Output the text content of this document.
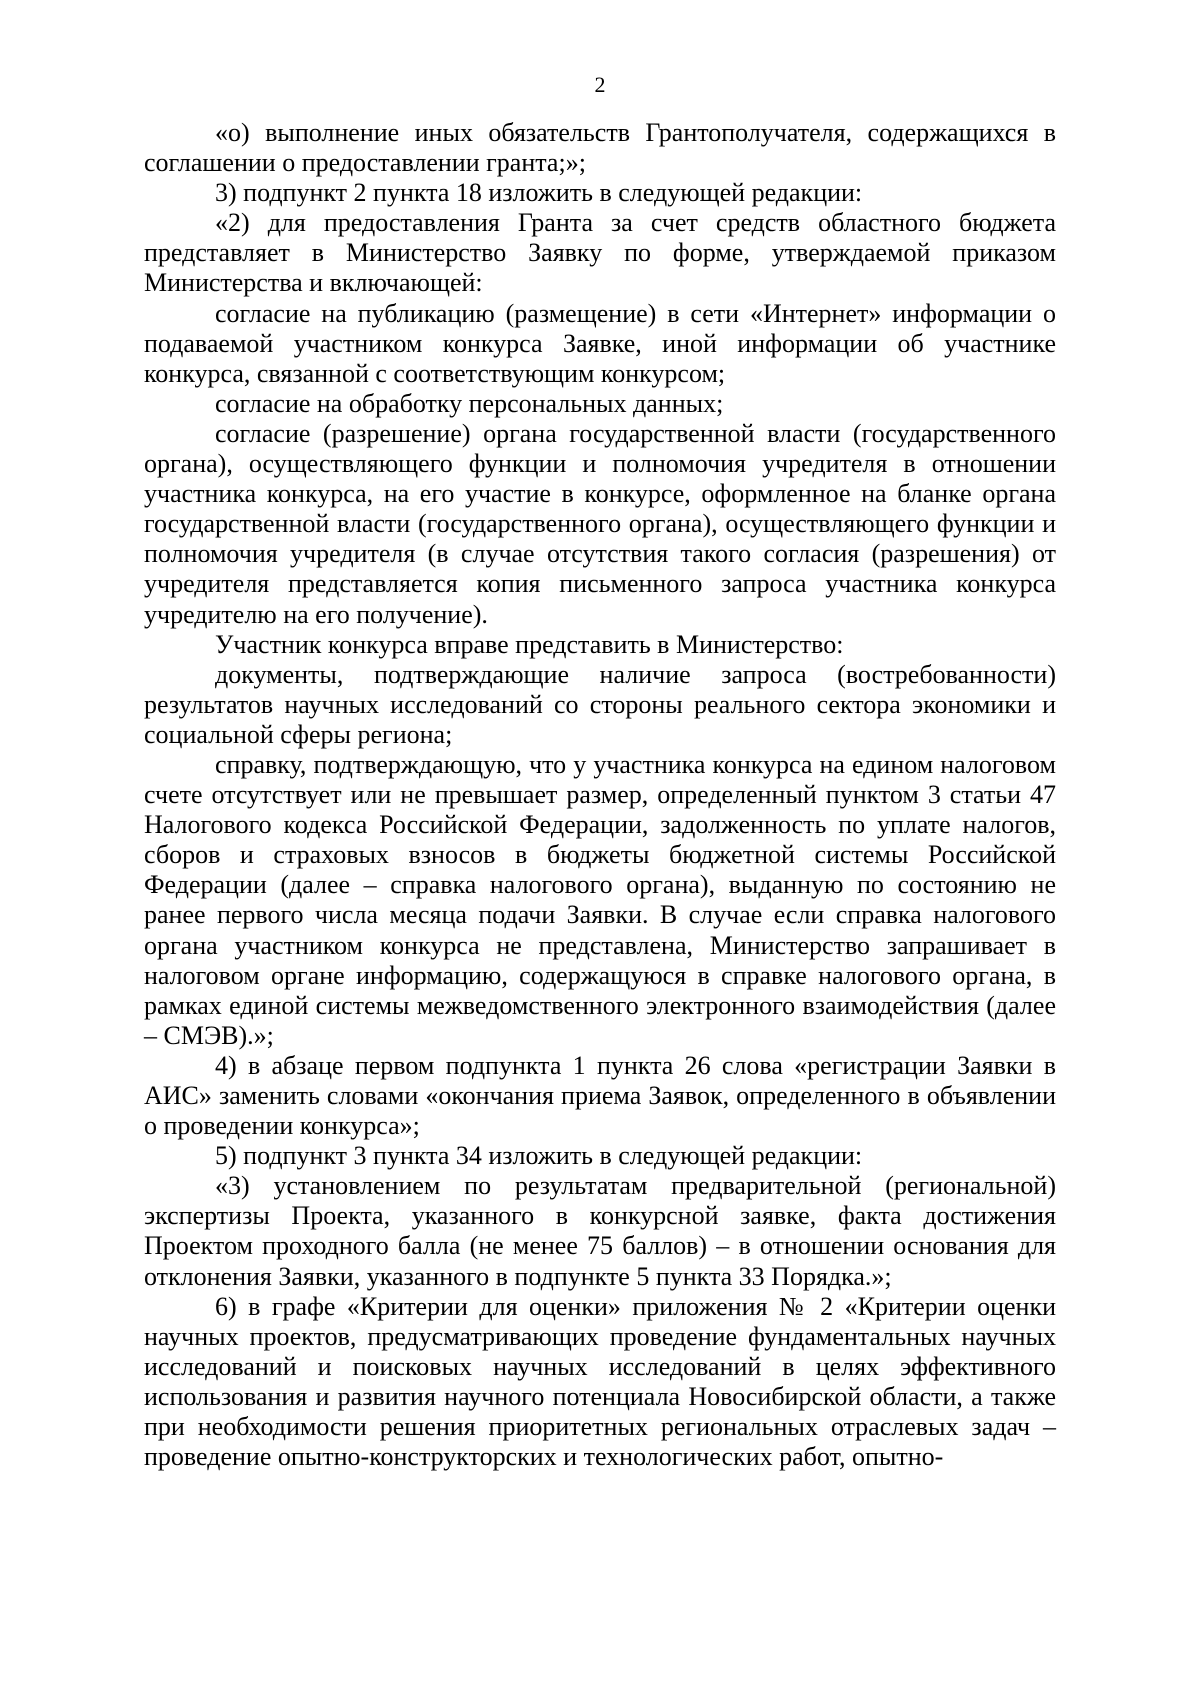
2

«о) выполнение иных обязательств Грантополучателя, содержащихся в соглашении о предоставлении гранта;»;

3) подпункт 2 пункта 18 изложить в следующей редакции:

«2) для предоставления Гранта за счет средств областного бюджета представляет в Министерство Заявку по форме, утверждаемой приказом Министерства и включающей:

согласие на публикацию (размещение) в сети «Интернет» информации о подаваемой участником конкурса Заявке, иной информации об участнике конкурса, связанной с соответствующим конкурсом;

согласие на обработку персональных данных;

согласие (разрешение) органа государственной власти (государственного органа), осуществляющего функции и полномочия учредителя в отношении участника конкурса, на его участие в конкурсе, оформленное на бланке органа государственной власти (государственного органа), осуществляющего функции и полномочия учредителя (в случае отсутствия такого согласия (разрешения) от учредителя представляется копия письменного запроса участника конкурса учредителю на его получение).

Участник конкурса вправе представить в Министерство:

документы, подтверждающие наличие запроса (востребованности) результатов научных исследований со стороны реального сектора экономики и социальной сферы региона;

справку, подтверждающую, что у участника конкурса на едином налоговом счете отсутствует или не превышает размер, определенный пунктом 3 статьи 47 Налогового кодекса Российской Федерации, задолженность по уплате налогов, сборов и страховых взносов в бюджеты бюджетной системы Российской Федерации (далее – справка налогового органа), выданную по состоянию не ранее первого числа месяца подачи Заявки. В случае если справка налогового органа участником конкурса не представлена, Министерство запрашивает в налоговом органе информацию, содержащуюся в справке налогового органа, в рамках единой системы межведомственного электронного взаимодействия (далее – СМЭВ).»;

4) в абзаце первом подпункта 1 пункта 26 слова «регистрации Заявки в АИС» заменить словами «окончания приема Заявок, определенного в объявлении о проведении конкурса»;

5) подпункт 3 пункта 34 изложить в следующей редакции:

«3) установлением по результатам предварительной (региональной) экспертизы Проекта, указанного в конкурсной заявке, факта достижения Проектом проходного балла (не менее 75 баллов) – в отношении основания для отклонения Заявки, указанного в подпункте 5 пункта 33 Порядка.»;

6) в графе «Критерии для оценки» приложения № 2 «Критерии оценки научных проектов, предусматривающих проведение фундаментальных научных исследований и поисковых научных исследований в целях эффективного использования и развития научного потенциала Новосибирской области, а также при необходимости решения приоритетных региональных отраслевых задач – проведение опытно-конструкторских и технологических работ, опытно-
